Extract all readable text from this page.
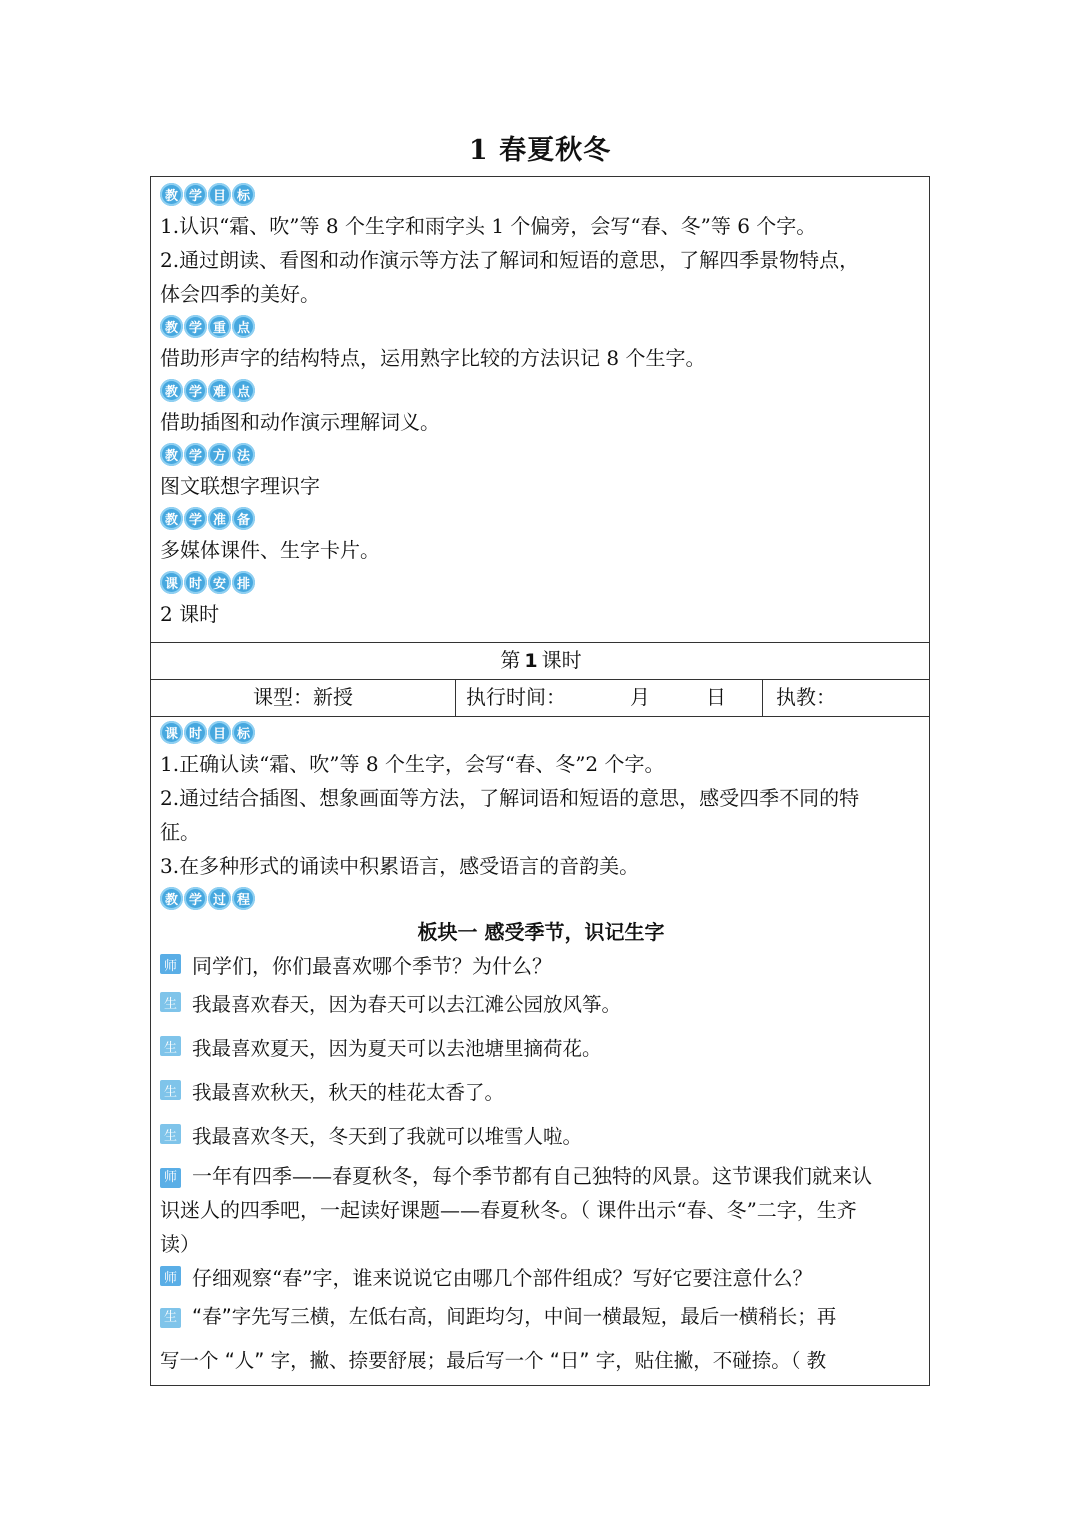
1 春夏秋冬
教 学 目 标
1.认识“霜、吹”等 8 个生字和雨字头 1 个偏旁，会写“春、冬”等 6 个字。
2.通过朗读、看图和动作演示等方法了解词和短语的意思，了解四季景物特点，
体会四季的美好。
教 学 重 点
借助形声字的结构特点，运用熟字比较的方法识记 8 个生字。
教 学 难 点
借助插图和动作演示理解词义。
教 学 方 法
图文联想字理识字
教 学 准 备
多媒体课件、生字卡片。
课 时 安 排
2 课时
第 1 课时
课型：新授	执行时间：	月	日	执教：
课 时 目 标
1.正确认读“霜、吹”等 8 个生字，会写“春、冬”2 个字。
2.通过结合插图、想象画面等方法，了解词语和短语的意思，感受四季不同的特
征。
3.在多种形式的诵读中积累语言，感受语言的音韵美。
教 学 过 程
板块一 感受季节，识记生字
师 同学们，你们最喜欢哪个季节？为什么？
生 我最喜欢春天，因为春天可以去江滩公园放风筝。
生 我最喜欢夏天，因为夏天可以去池塘里摘荷花。
生 我最喜欢秋天，秋天的桂花太香了。
生 我最喜欢冬天，冬天到了我就可以堆雪人啦。
师 一年有四季——春夏秋冬，每个季节都有自己独特的风景。这节课我们就来认
识迷人的四季吧，一起读好课题——春夏秋冬。（ 课件出示“春、冬”二字，生齐
读）
师 仔细观察“春”字，谁来说说它由哪几个部件组成？写好它要注意什么？
生 “春”字先写三横，左低右高，间距均匀，中间一横最短，最后一横稍长；再
写一个 “人” 字，撇、捺要舒展；最后写一个 “日” 字，贴住撇，不碰捺。（ 教
